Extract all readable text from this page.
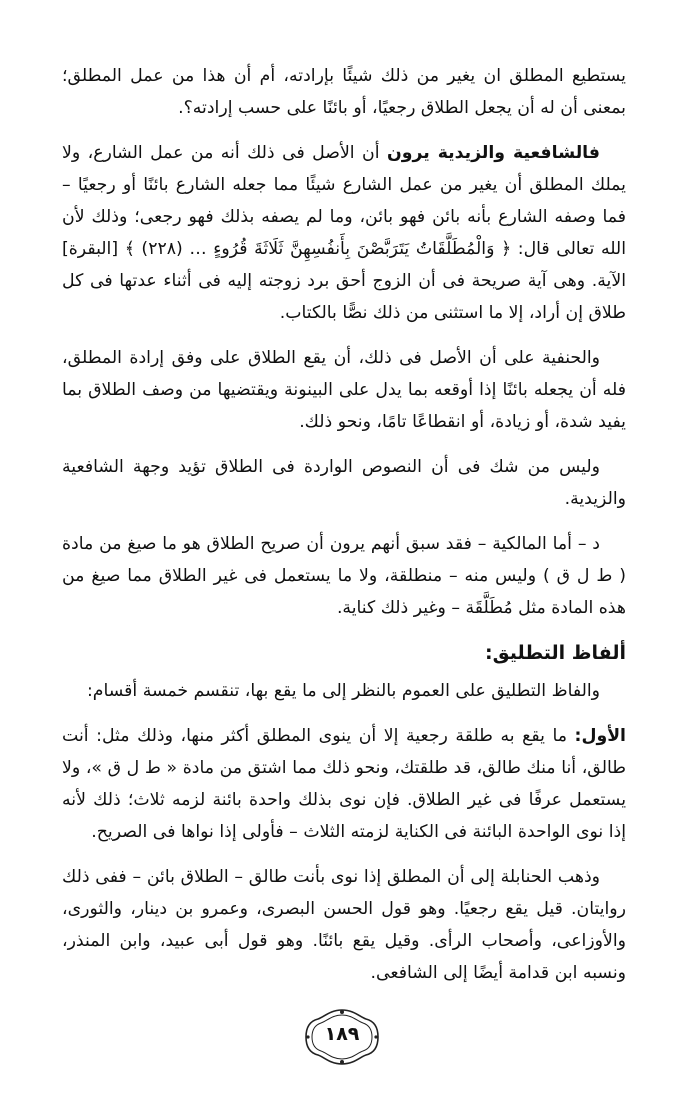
يستطيع المطلق ان يغير من ذلك شيئًا بإرادته، أم أن هذا من عمل المطلق؛ بمعنى أن له أن يجعل الطلاق رجعيًا، أو بائنًا على حسب إرادته؟.

فالشافعية والزيدية يرون أن الأصل فى ذلك أنه من عمل الشارع، ولا يملك المطلق أن يغير من عمل الشارع شيئًا مما جعله الشارع بائنًا أو رجعيًا – فما وصفه الشارع بأنه بائن فهو بائن، وما لم يصفه بذلك فهو رجعى؛ وذلك لأن الله تعالى قال: ﴿ وَالْمُطَلَّقَاتُ يَتَرَبَّصْنَ بِأَنفُسِهِنَّ ثَلَاثَةَ قُرُوءٍ … (٢٢٨) ﴾ [البقرة] الآية. وهى آية صريحة فى أن الزوج أحق برد زوجته إليه فى أثناء عدتها فى كل طلاق إن أراد، إلا ما استثنى من ذلك نصًّا بالكتاب.

والحنفية على أن الأصل فى ذلك، أن يقع الطلاق على وفق إرادة المطلق، فله أن يجعله بائنًا إذا أوقعه بما يدل على البينونة ويقتضيها من وصف الطلاق بما يفيد شدة، أو زيادة، أو انقطاعًا تامًا، ونحو ذلك.

وليس من شك فى أن النصوص الواردة فى الطلاق تؤيد وجهة الشافعية والزيدية.

د – أما المالكية – فقد سبق أنهم يرون أن صريح الطلاق هو ما صيغ من مادة ( ط ل ق ) وليس منه – منطلقة، ولا ما يستعمل فى غير الطلاق مما صيغ من هذه المادة مثل مُطَلَّقَة – وغير ذلك كناية.

ألفاظ التطليق:

والفاظ التطليق على العموم بالنظر إلى ما يقع بها، تنقسم خمسة أقسام:

الأول: ما يقع به طلقة رجعية إلا أن ينوى المطلق أكثر منها، وذلك مثل: أنت طالق، أنا منك طالق، قد طلقتك، ونحو ذلك مما اشتق من مادة « ط ل ق »، ولا يستعمل عرفًا فى غير الطلاق. فإن نوى بذلك واحدة بائنة لزمه ثلاث؛ ذلك لأنه إذا نوى الواحدة البائنة فى الكناية لزمته الثلاث – فأولى إذا نواها فى الصريح.

وذهب الحنابلة إلى أن المطلق إذا نوى بأنت طالق – الطلاق بائن – ففى ذلك روايتان. قيل يقع رجعيًا. وهو قول الحسن البصرى، وعمرو بن دينار، والثورى، والأوزاعى، وأصحاب الرأى. وقيل يقع بائنًا. وهو قول أبى عبيد، وابن المنذر، ونسبه ابن قدامة أيضًا إلى الشافعى.

١٨٩
